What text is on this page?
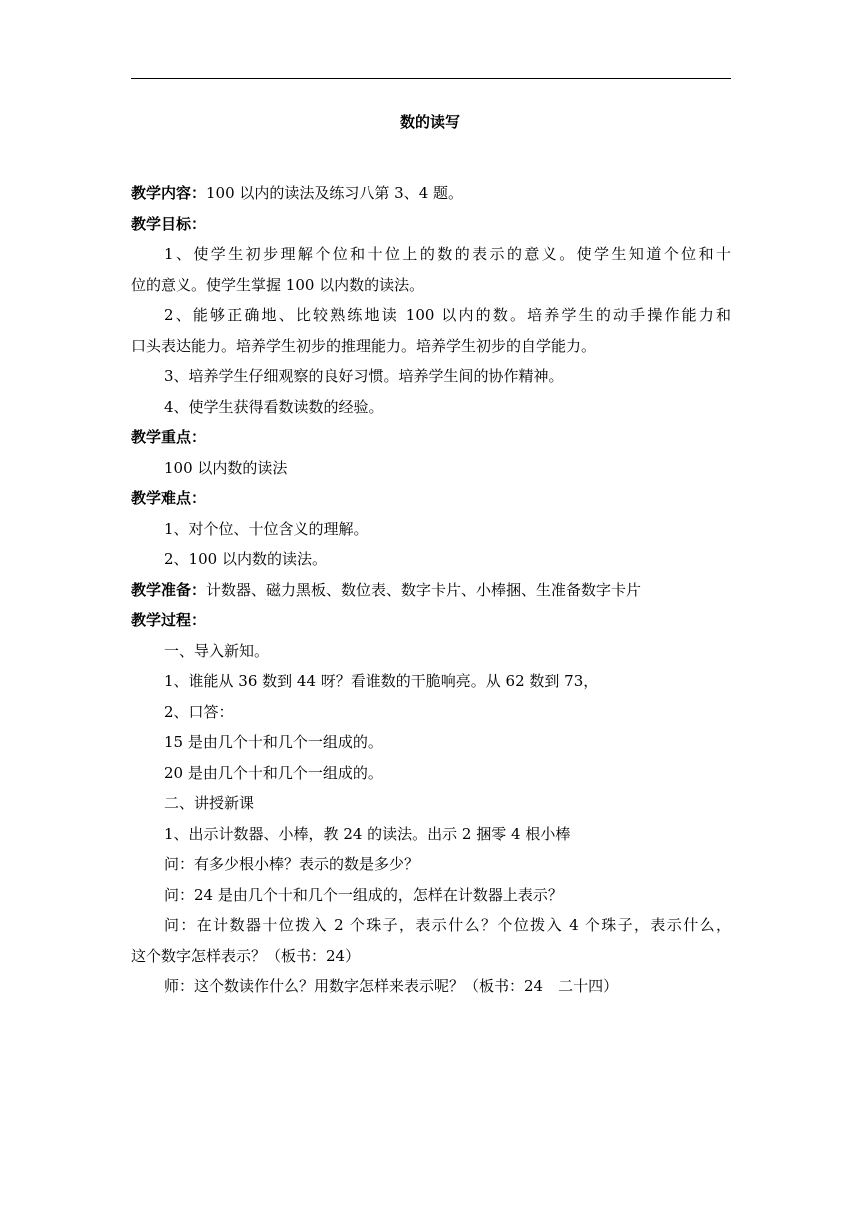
数的读写
教学内容：100 以内的读法及练习八第 3、4 题。
教学目标：
1、使学生初步理解个位和十位上的数的表示的意义。使学生知道个位和十
位的意义。使学生掌握 100 以内数的读法。
2、能够正确地、比较熟练地读 100 以内的数。培养学生的动手操作能力和
口头表达能力。培养学生初步的推理能力。培养学生初步的自学能力。
3、培养学生仔细观察的良好习惯。培养学生间的协作精神。
4、使学生获得看数读数的经验。
教学重点：
100 以内数的读法
教学难点：
1、对个位、十位含义的理解。
2、100 以内数的读法。
教学准备：计数器、磁力黑板、数位表、数字卡片、小棒捆、生准备数字卡片
教学过程：
一、导入新知。
1、谁能从 36 数到 44 呀？看谁数的干脆响亮。从 62 数到 73，
2、口答：
15 是由几个十和几个一组成的。
20 是由几个十和几个一组成的。
二、讲授新课
1、出示计数器、小棒，教 24 的读法。出示 2 捆零 4 根小棒
问：有多少根小棒？表示的数是多少？
问：24 是由几个十和几个一组成的，怎样在计数器上表示？
问：在计数器十位拨入 2 个珠子，表示什么？个位拨入 4 个珠子，表示什么，
这个数字怎样表示？（板书：24）
师：这个数读作什么？用数字怎样来表示呢？（板书：24　二十四）
